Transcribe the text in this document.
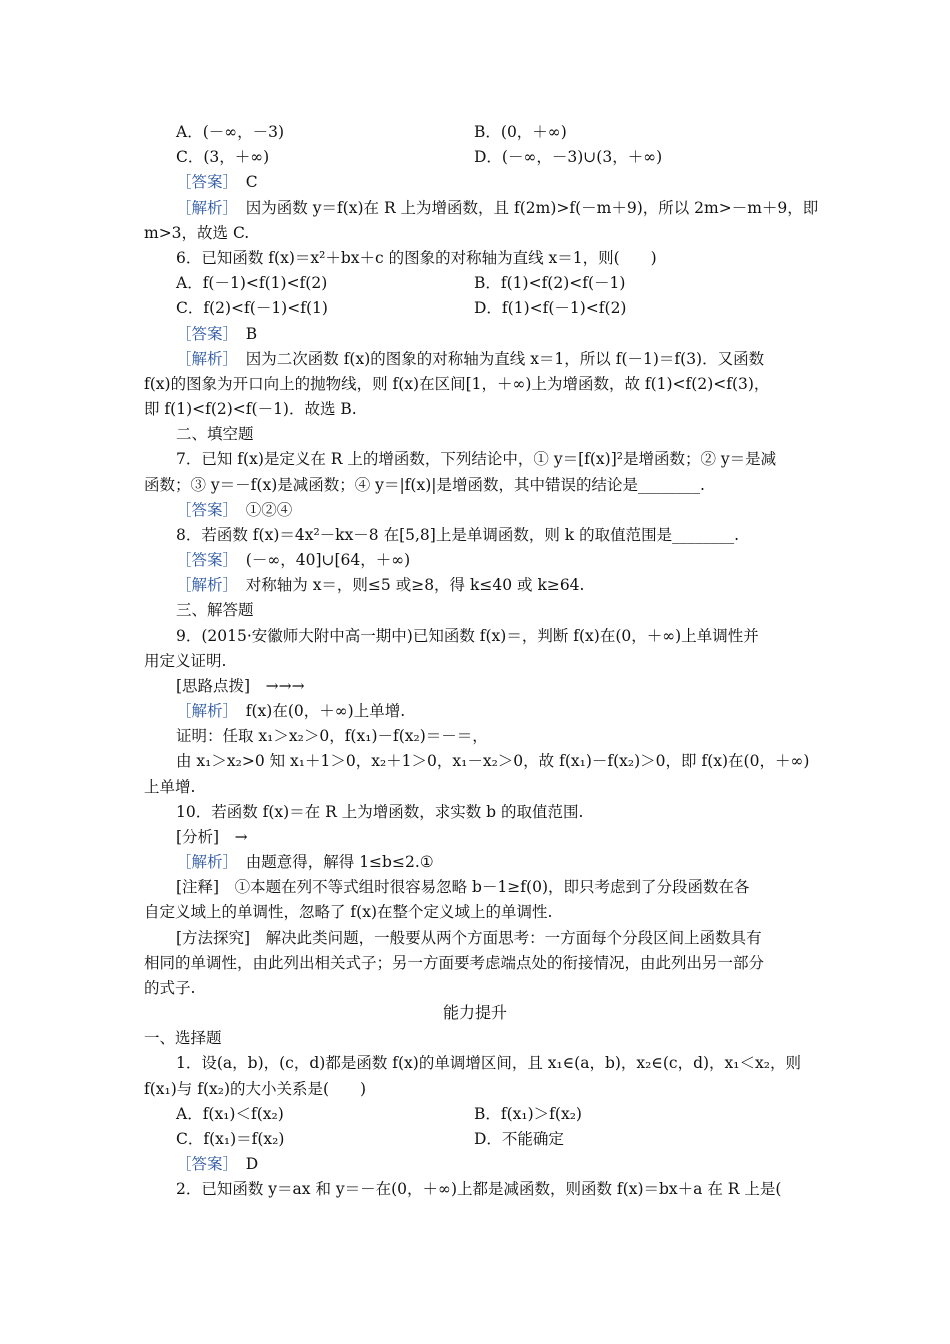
A．(－∞，－3)	B．(0，＋∞)
C．(3，＋∞)	D．(－∞，－3)∪(3，＋∞)
［答案］　C
［解析］　因为函数 y＝f(x)在 R 上为增函数，且 f(2m)>f(－m＋9)，所以 2m>－m＋9，即
m>3，故选 C.
6．已知函数 f(x)＝x²＋bx＋c 的图象的对称轴为直线 x＝1，则(　　)
A．f(－1)<f(1)<f(2)	B．f(1)<f(2)<f(－1)
C．f(2)<f(－1)<f(1)	D．f(1)<f(－1)<f(2)
［答案］　B
［解析］　因为二次函数 f(x)的图象的对称轴为直线 x＝1，所以 f(－1)＝f(3)．又函数
f(x)的图象为开口向上的抛物线，则 f(x)在区间[1，＋∞)上为增函数，故 f(1)<f(2)<f(3)，
即 f(1)<f(2)<f(－1)．故选 B.
二、填空题
7．已知 f(x)是定义在 R 上的增函数，下列结论中，① y＝[f(x)]²是增函数；② y＝是减
函数；③ y＝－f(x)是减函数；④ y＝|f(x)|是增函数，其中错误的结论是________.
［答案］　①②④
8．若函数 f(x)＝4x²－kx－8 在[5,8]上是单调函数，则 k 的取值范围是________.
［答案］　(－∞，40]∪[64，＋∞)
［解析］　对称轴为 x＝，则≤5 或≥8，得 k≤40 或 k≥64.
三、解答题
9．(2015·安徽师大附中高一期中)已知函数 f(x)＝，判断 f(x)在(0，＋∞)上单调性并
用定义证明.
[思路点拨]　→→→
［解析］　f(x)在(0，＋∞)上单增.
证明：任取 x₁＞x₂＞0，f(x₁)－f(x₂)＝－＝，
由 x₁＞x₂>0 知 x₁＋1＞0，x₂＋1＞0，x₁－x₂＞0，故 f(x₁)－f(x₂)＞0，即 f(x)在(0，＋∞)
上单增.
10．若函数 f(x)＝在 R 上为增函数，求实数 b 的取值范围.
[分析]　→
［解析］　由题意得，解得 1≤b≤2.①
[注释]　①本题在列不等式组时很容易忽略 b－1≥f(0)，即只考虑到了分段函数在各
自定义域上的单调性，忽略了 f(x)在整个定义域上的单调性.
[方法探究]　解决此类问题，一般要从两个方面思考：一方面每个分段区间上函数具有
相同的单调性，由此列出相关式子；另一方面要考虑端点处的衔接情况，由此列出另一部分
的式子.
能力提升
一、选择题
1．设(a，b)，(c，d)都是函数 f(x)的单调增区间，且 x₁∈(a，b)，x₂∈(c，d)，x₁＜x₂，则
f(x₁)与 f(x₂)的大小关系是(　　)
A．f(x₁)＜f(x₂)	B．f(x₁)＞f(x₂)
C．f(x₁)＝f(x₂)	D．不能确定
［答案］　D
2．已知函数 y＝ax 和 y＝－在(0，＋∞)上都是减函数，则函数 f(x)＝bx＋a 在 R 上是(
